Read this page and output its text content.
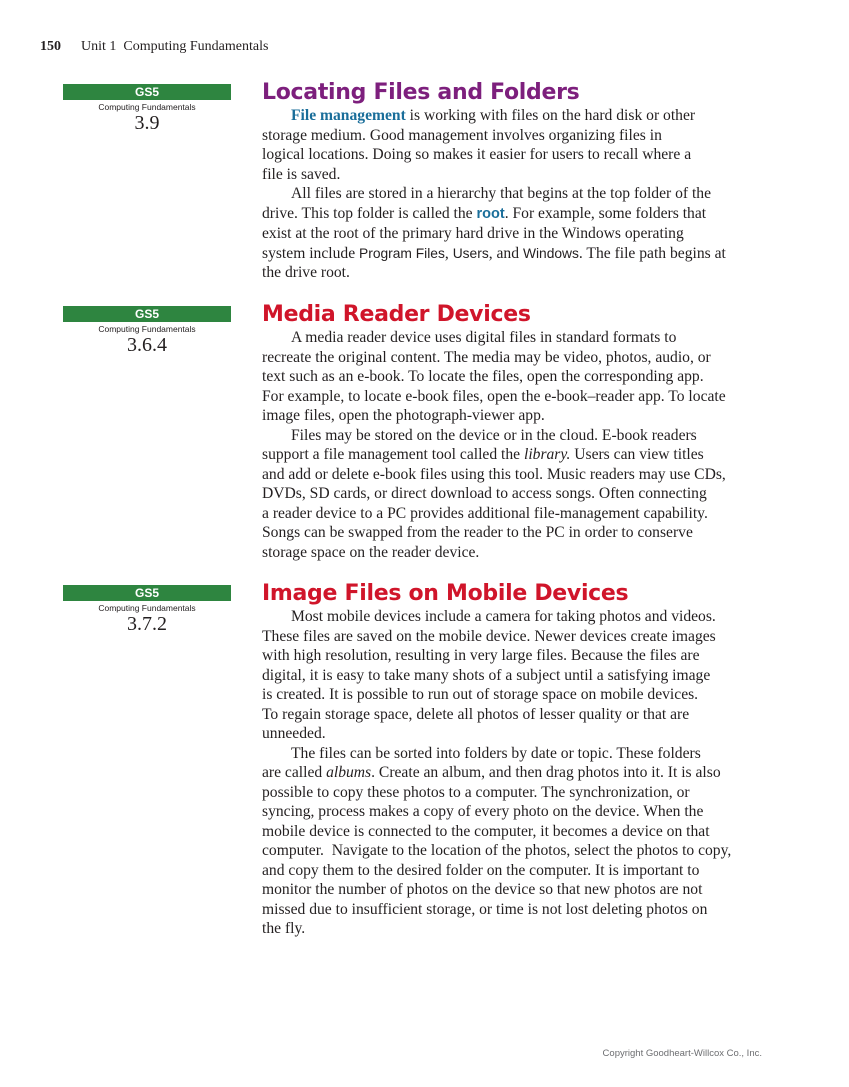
150 Unit 1  Computing Fundamentals
GS5
Computing Fundamentals
3.9
Locating Files and Folders

File management is working with files on the hard disk or other
storage medium. Good management involves organizing files in
logical locations. Doing so makes it easier for users to recall where a
file is saved.

All files are stored in a hierarchy that begins at the top folder of the
drive. This top folder is called the root. For example, some folders that
exist at the root of the primary hard drive in the Windows operating
system include Program Files, Users, and Windows. The file path begins at
the drive root.

GS5
Computing Fundamentals
3.6.4
Media Reader Devices

A media reader device uses digital files in standard formats to
recreate the original content. The media may be video, photos, audio, or
text such as an e-book. To locate the files, open the corresponding app.
For example, to locate e-book files, open the e-book–reader app. To locate
image files, open the photograph-viewer app.

Files may be stored on the device or in the cloud. E-book readers
support a file management tool called the library. Users can view titles
and add or delete e-book files using this tool. Music readers may use CDs,
DVDs, SD cards, or direct download to access songs. Often connecting
a reader device to a PC provides additional file-management capability.
Songs can be swapped from the reader to the PC in order to conserve
storage space on the reader device.

GS5
Computing Fundamentals
3.7.2
Image Files on Mobile Devices

Most mobile devices include a camera for taking photos and videos.
These files are saved on the mobile device. Newer devices create images
with high resolution, resulting in very large files. Because the files are
digital, it is easy to take many shots of a subject until a satisfying image
is created. It is possible to run out of storage space on mobile devices.
To regain storage space, delete all photos of lesser quality or that are
unneeded.

The files can be sorted into folders by date or topic. These folders
are called albums. Create an album, and then drag photos into it. It is also
possible to copy these photos to a computer. The synchronization, or
syncing, process makes a copy of every photo on the device. When the
mobile device is connected to the computer, it becomes a device on that
computer.  Navigate to the location of the photos, select the photos to copy,
and copy them to the desired folder on the computer. It is important to
monitor the number of photos on the device so that new photos are not
missed due to insufficient storage, or time is not lost deleting photos on
the fly.

Copyright Goodheart-Willcox Co., Inc.
